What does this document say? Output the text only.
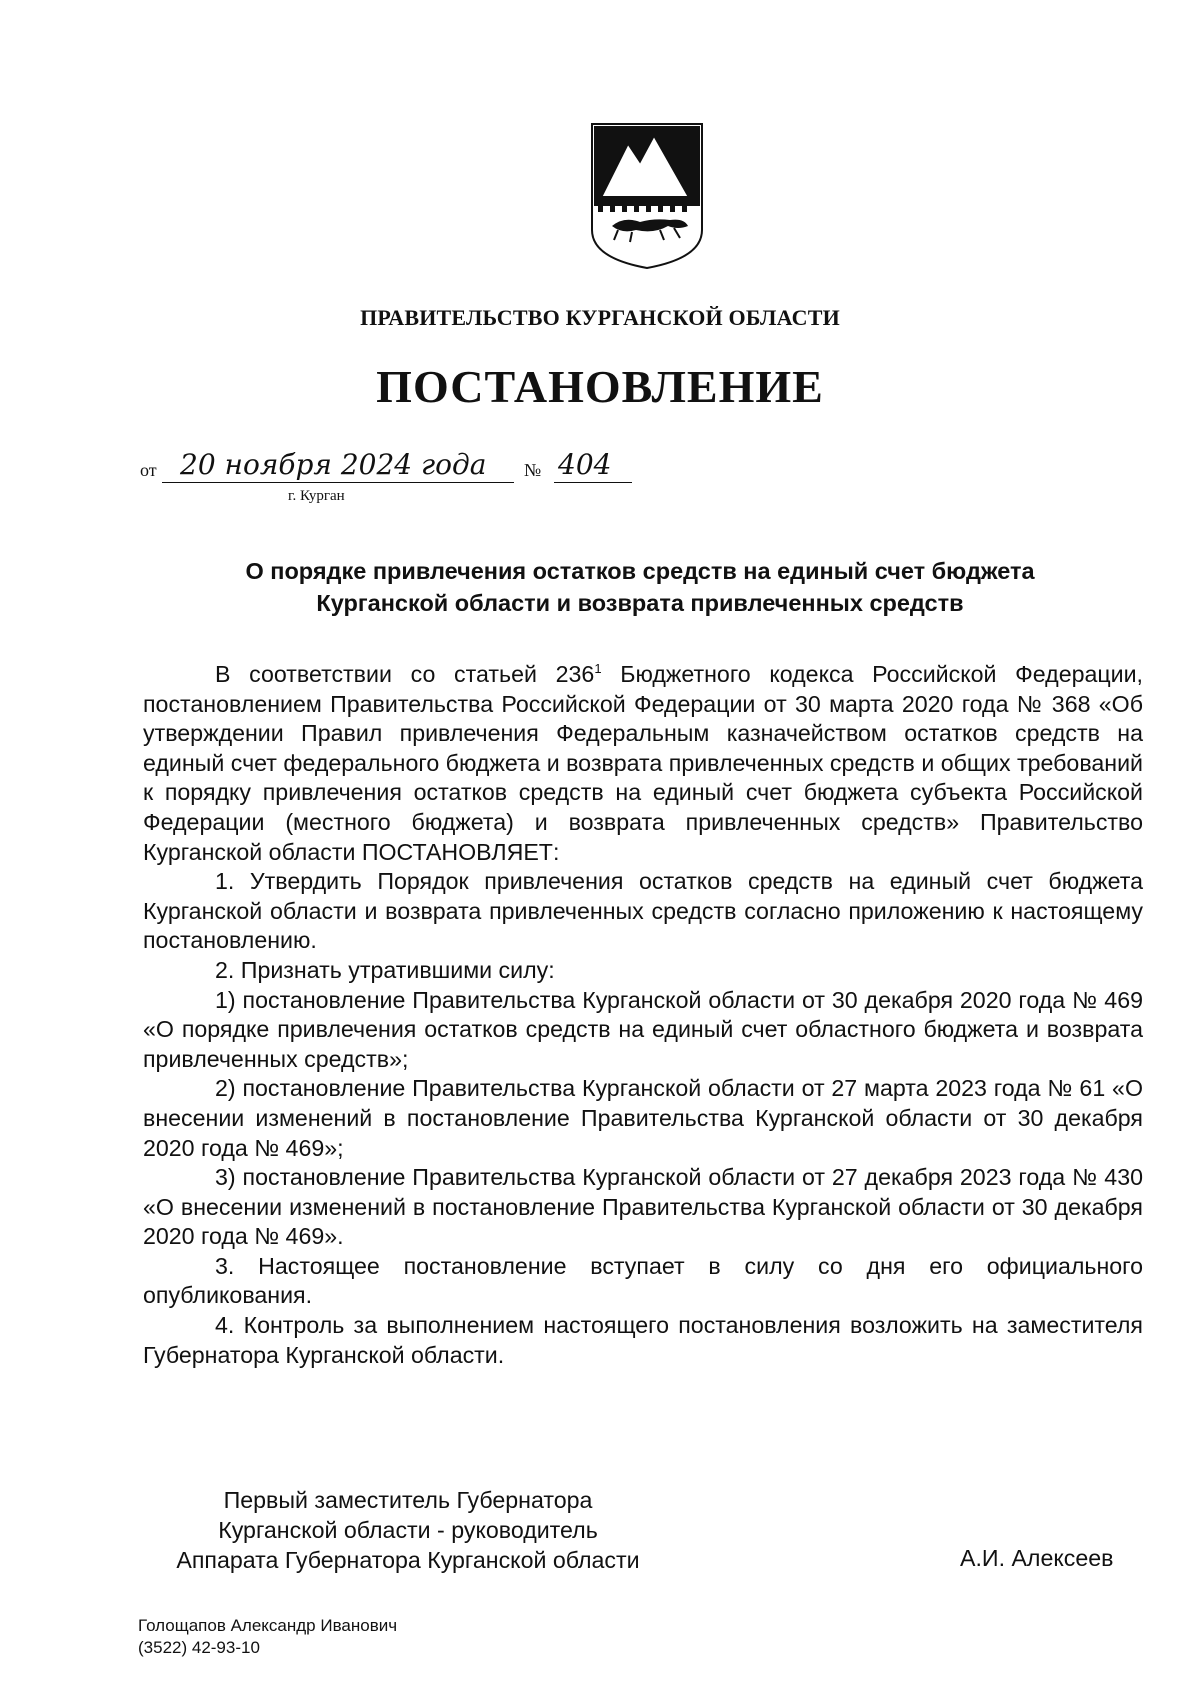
ПРАВИТЕЛЬСТВО КУРГАНСКОЙ ОБЛАСТИ
ПОСТАНОВЛЕНИЕ
от 20 ноября 2024 года № 404
г. Курган
О порядке привлечения остатков средств на единый счет бюджета
Курганской области и возврата привлеченных средств

В соответствии со статьей $236^1$ Бюджетного кодекса Российской Федерации, постановлением Правительства Российской Федерации от 30 марта 2020 года № 368 «Об утверждении Правил привлечения Федеральным казначейством остатков средств на единый счет федерального бюджета и возврата привлеченных средств и общих требований к порядку привлечения остатков средств на единый счет бюджета субъекта Российской Федерации (местного бюджета) и возврата привлеченных средств» Правительство Курганской области ПОСТАНОВЛЯЕТ:

1. Утвердить Порядок привлечения остатков средств на единый счет бюджета Курганской области и возврата привлеченных средств согласно приложению к настоящему постановлению.

2. Признать утратившими силу:

1) постановление Правительства Курганской области от 30 декабря 2020 года № 469 «О порядке привлечения остатков средств на единый счет областного бюджета и возврата привлеченных средств»;

2) постановление Правительства Курганской области от 27 марта 2023 года № 61 «О внесении изменений в постановление Правительства Курганской области от 30 декабря 2020 года № 469»;

3) постановление Правительства Курганской области от 27 декабря 2023 года № 430 «О внесении изменений в постановление Правительства Курганской области от 30 декабря 2020 года № 469».

3. Настоящее постановление вступает в силу со дня его официального опубликования.

4. Контроль за выполнением настоящего постановления возложить на заместителя Губернатора Курганской области.

Первый заместитель Губернатора
Курганской области - руководитель
Аппарата Губернатора Курганской области	А.И. Алексеев
Голощапов Александр Иванович
(3522) 42-93-10
